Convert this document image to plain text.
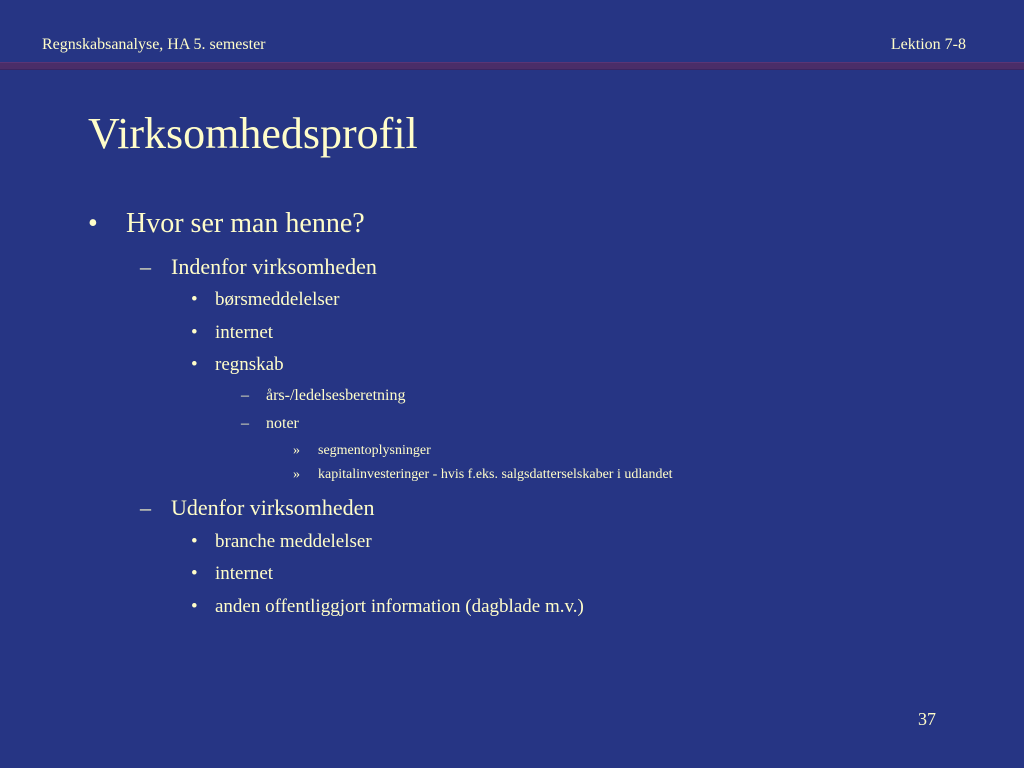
Regnskabsanalyse, HA 5. semester	Lektion 7-8
Virksomhedsprofil
• Hvor ser man henne?
– Indenfor virksomheden
• børsmeddelelser
• internet
• regnskab
– års-/ledelsesberetning
– noter
» segmentoplysninger
» kapitalinvesteringer - hvis f.eks. salgsdatterselskaber i udlandet
– Udenfor virksomheden
• branche meddelelser
• internet
• anden offentliggjort information (dagblade m.v.)
37
